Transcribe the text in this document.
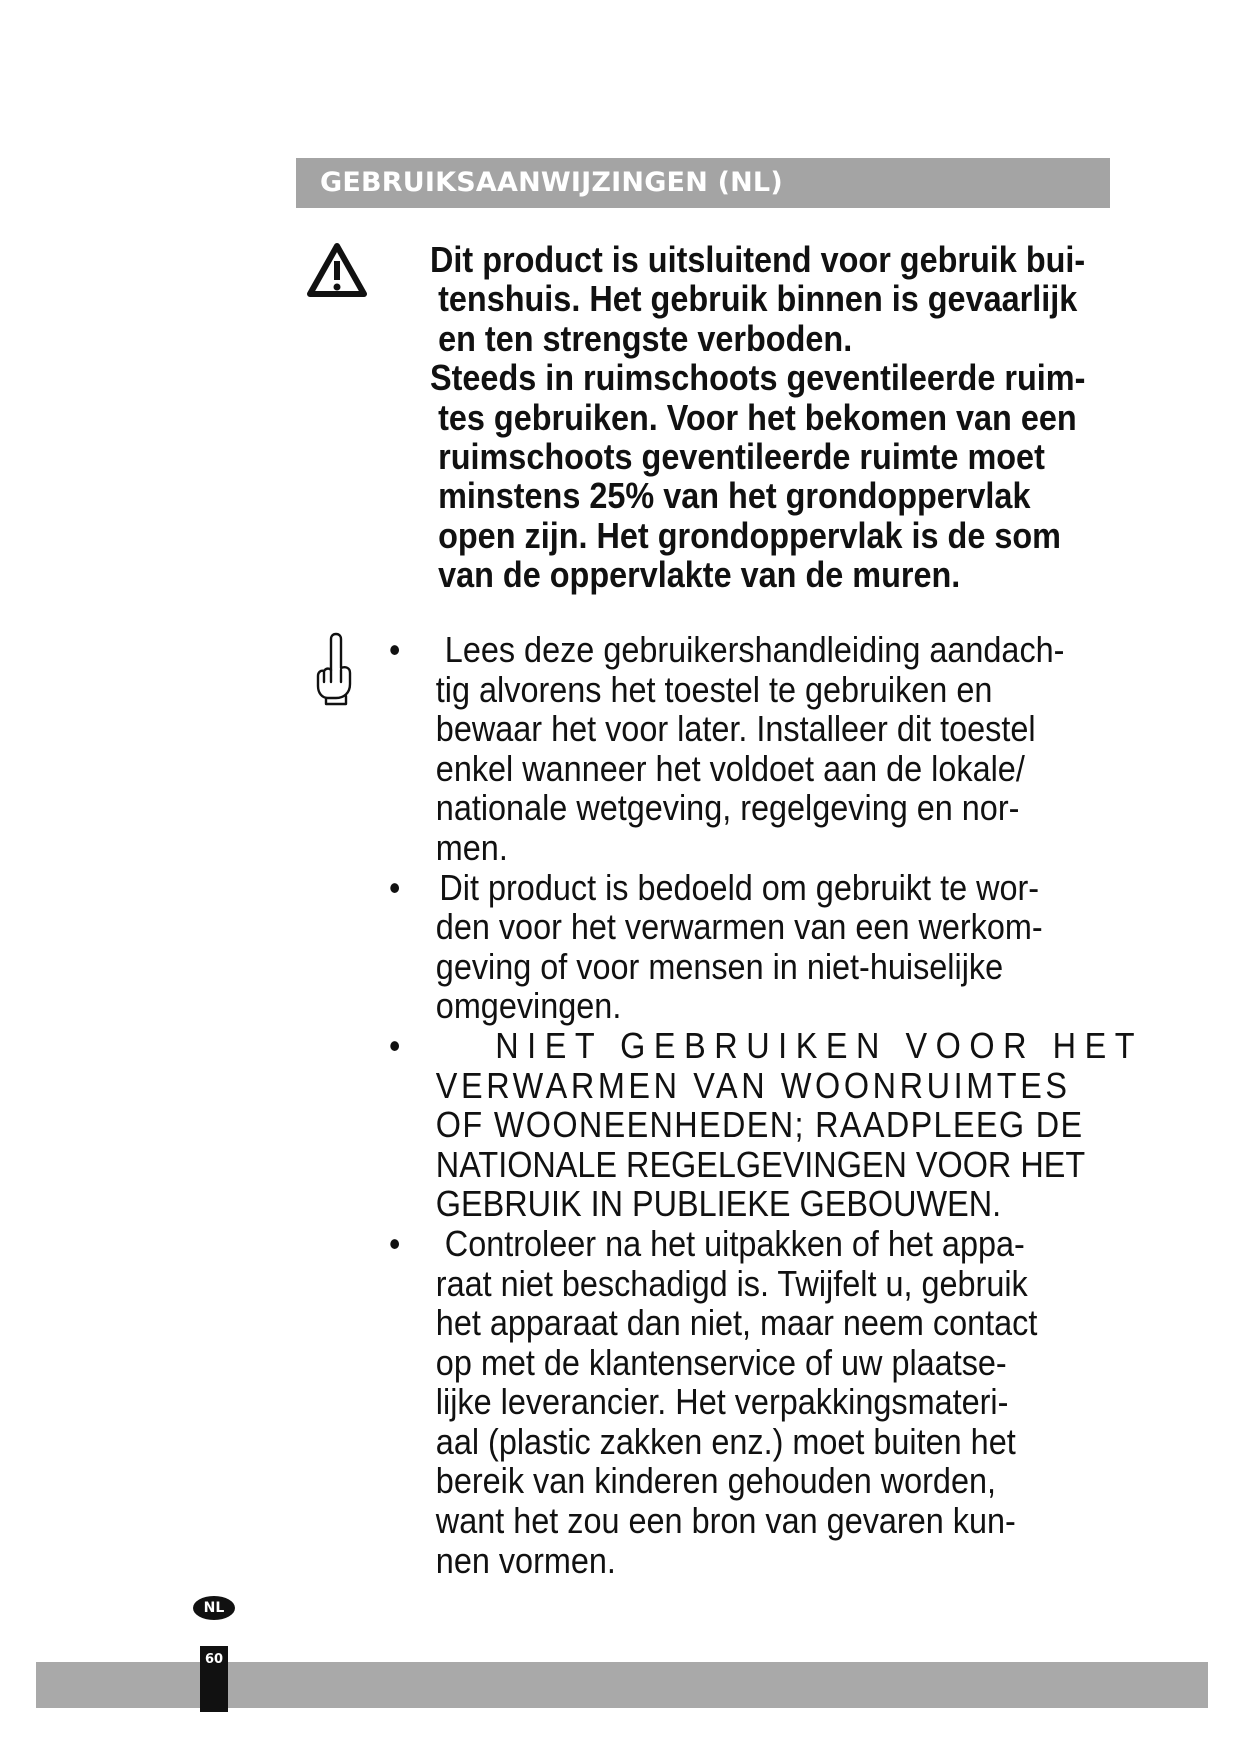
GEBRUIKSAANWIJZINGEN (NL)
Dit product is uitsluitend voor gebruik bui-
tenshuis. Het gebruik binnen is gevaarlijk
en ten strengste verboden.
Steeds in ruimschoots geventileerde ruim-
tes gebruiken. Voor het bekomen van een
ruimschoots geventileerde ruimte moet
minstens 25% van het grondoppervlak
open zijn. Het grondoppervlak is de som
van de oppervlakte van de muren.
•	Lees deze gebruikershandleiding aandach-
tig alvorens het toestel te gebruiken en
bewaar het voor later. Installeer dit toestel
enkel wanneer het voldoet aan de lokale/
nationale wetgeving, regelgeving en nor-
men.
•	Dit product is bedoeld om gebruikt te wor-
den voor het verwarmen van een werkom-
geving of voor mensen in niet-huiselijke
omgevingen.
•	NIET GEBRUIKEN VOOR HET
VERWARMEN VAN WOONRUIMTES
OF WOONEENHEDEN; RAADPLEEG DE
NATIONALE REGELGEVINGEN VOOR HET
GEBRUIK IN PUBLIEKE GEBOUWEN.
•	Controleer na het uitpakken of het appa-
raat niet beschadigd is. Twijfelt u, gebruik
het apparaat dan niet, maar neem contact
op met de klantenservice of uw plaatse-
lijke leverancier. Het verpakkingsmateri-
aal (plastic zakken enz.) moet buiten het
bereik van kinderen gehouden worden,
want het zou een bron van gevaren kun-
nen vormen.
NL
60
